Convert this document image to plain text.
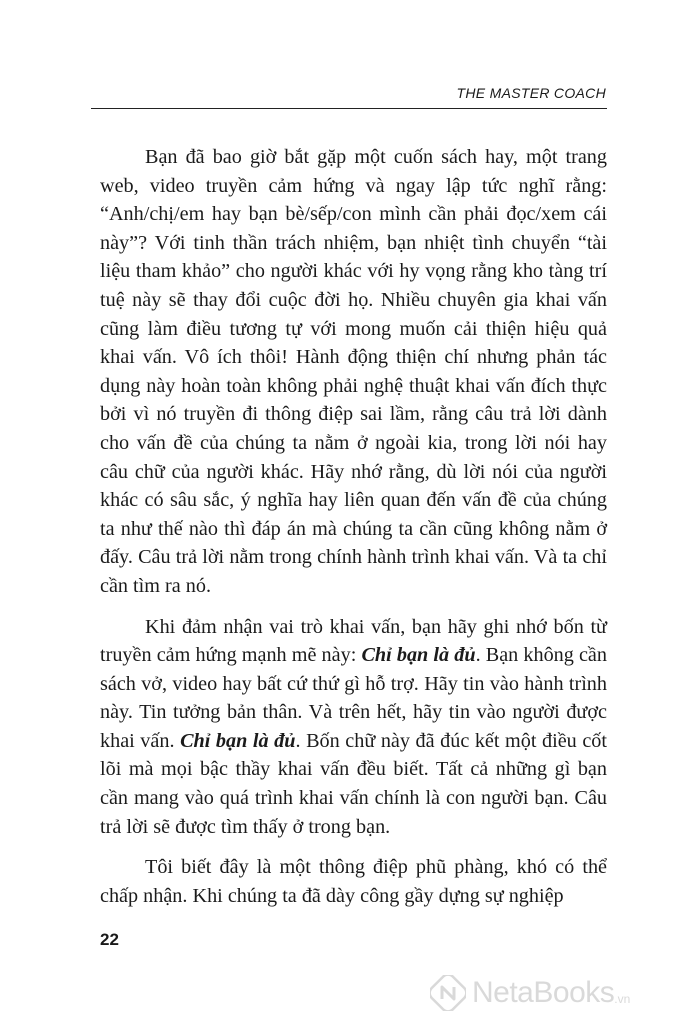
THE MASTER COACH

Bạn đã bao giờ bắt gặp một cuốn sách hay, một trang web, video truyền cảm hứng và ngay lập tức nghĩ rằng: “Anh/chị/em hay bạn bè/sếp/con mình cần phải đọc/xem cái này”? Với tinh thần trách nhiệm, bạn nhiệt tình chuyển “tài liệu tham khảo” cho người khác với hy vọng rằng kho tàng trí tuệ này sẽ thay đổi cuộc đời họ. Nhiều chuyên gia khai vấn cũng làm điều tương tự với mong muốn cải thiện hiệu quả khai vấn. Vô ích thôi! Hành động thiện chí nhưng phản tác dụng này hoàn toàn không phải nghệ thuật khai vấn đích thực bởi vì nó truyền đi thông điệp sai lầm, rằng câu trả lời dành cho vấn đề của chúng ta nằm ở ngoài kia, trong lời nói hay câu chữ của người khác. Hãy nhớ rằng, dù lời nói của người khác có sâu sắc, ý nghĩa hay liên quan đến vấn đề của chúng ta như thế nào thì đáp án mà chúng ta cần cũng không nằm ở đấy. Câu trả lời nằm trong chính hành trình khai vấn. Và ta chỉ cần tìm ra nó.

Khi đảm nhận vai trò khai vấn, bạn hãy ghi nhớ bốn từ truyền cảm hứng mạnh mẽ này: Chỉ bạn là đủ. Bạn không cần sách vở, video hay bất cứ thứ gì hỗ trợ. Hãy tin vào hành trình này. Tin tưởng bản thân. Và trên hết, hãy tin vào người được khai vấn. Chỉ bạn là đủ. Bốn chữ này đã đúc kết một điều cốt lõi mà mọi bậc thầy khai vấn đều biết. Tất cả những gì bạn cần mang vào quá trình khai vấn chính là con người bạn. Câu trả lời sẽ được tìm thấy ở trong bạn.

Tôi biết đây là một thông điệp phũ phàng, khó có thể chấp nhận. Khi chúng ta đã dày công gầy dựng sự nghiệp

22
NetaBooks .vn
